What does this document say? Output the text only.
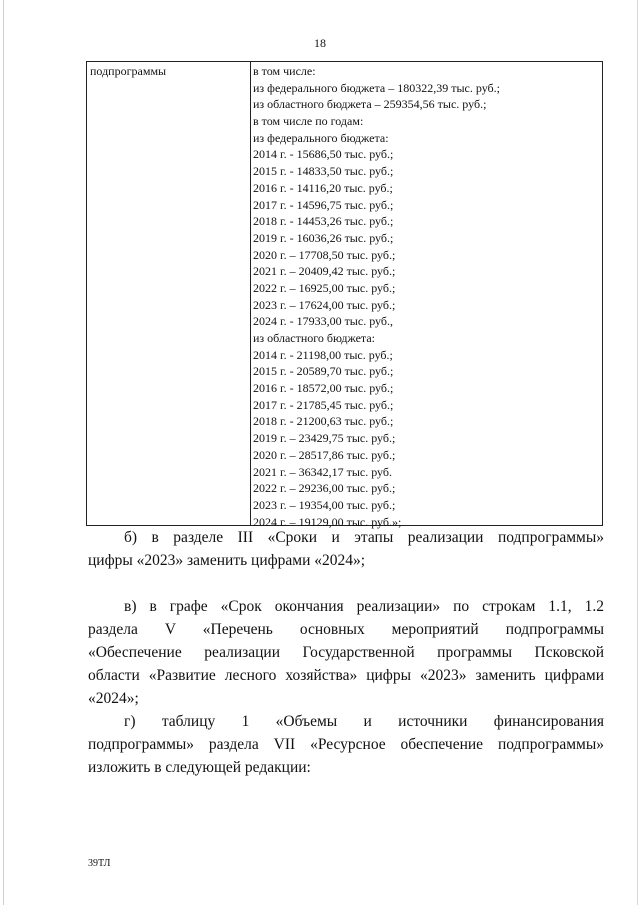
18
подпрограммы	в том числе:
из федерального бюджета – 180322,39 тыс. руб.;
из областного бюджета – 259354,56 тыс. руб.;
в том числе по годам:
из федерального бюджета:
2014 г. - 15686,50 тыс. руб.;
2015 г. - 14833,50 тыс. руб.;
2016 г. - 14116,20 тыс. руб.;
2017 г. - 14596,75 тыс. руб.;
2018 г. - 14453,26 тыс. руб.;
2019 г. - 16036,26 тыс. руб.;
2020 г. – 17708,50 тыс. руб.;
2021 г. – 20409,42 тыс. руб.;
2022 г. – 16925,00 тыс. руб.;
2023 г. – 17624,00 тыс. руб.;
2024 г. - 17933,00 тыс. руб.,
из областного бюджета:
2014 г. - 21198,00 тыс. руб.;
2015 г. - 20589,70 тыс. руб.;
2016 г. - 18572,00 тыс. руб.;
2017 г. - 21785,45 тыс. руб.;
2018 г. - 21200,63 тыс. руб.;
2019 г. – 23429,75 тыс. руб.;
2020 г. – 28517,86 тыс. руб.;
2021 г. – 36342,17 тыс. руб.
2022 г. – 29236,00 тыс. руб.;
2023 г. – 19354,00 тыс. руб.;
2024 г. – 19129,00 тыс. руб.»;
б) в разделе III «Сроки и этапы реализации подпрограммы»
цифры «2023» заменить цифрами «2024»;
в) в графе «Срок окончания реализации» по строкам 1.1, 1.2
раздела V «Перечень основных мероприятий подпрограммы
«Обеспечение реализации Государственной программы Псковской
области «Развитие лесного хозяйства» цифры «2023» заменить цифрами
«2024»;
г) таблицу 1 «Объемы и источники финансирования
подпрограммы» раздела VII «Ресурсное обеспечение подпрограммы»
изложить в следующей редакции:
39ТЛ
